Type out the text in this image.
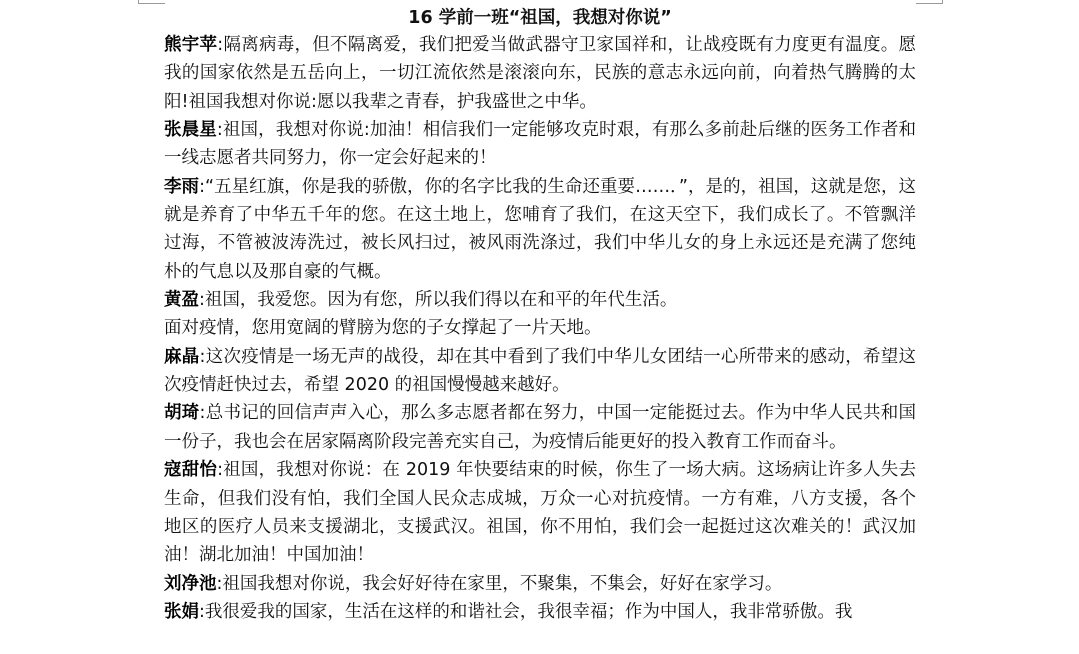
16 学前一班“祖国，我想对你说”

熊宇苹:隔离病毒，但不隔离爱，我们把爱当做武器守卫家国祥和，让战疫既有力度更有温度。愿我的国家依然是五岳向上，一切江流依然是滚滚向东，民族的意志永远向前，向着热气腾腾的太阳!祖国我想对你说:愿以我辈之青春，护我盛世之中华。

张晨星:祖国，我想对你说:加油！相信我们一定能够攻克时艰，有那么多前赴后继的医务工作者和一线志愿者共同努力，你一定会好起来的！

李雨:“五星红旗，你是我的骄傲，你的名字比我的生命还重要……．”，是的，祖国，这就是您，这就是养育了中华五千年的您。在这土地上，您哺育了我们，在这天空下，我们成长了。不管飘洋过海，不管被波涛洗过，被长风扫过，被风雨洗涤过，我们中华儿女的身上永远还是充满了您纯朴的气息以及那自豪的气概。

黄盈:祖国，我爱您。因为有您，所以我们得以在和平的年代生活。

面对疫情，您用宽阔的臂膀为您的子女撑起了一片天地。

麻晶:这次疫情是一场无声的战役，却在其中看到了我们中华儿女团结一心所带来的感动，希望这次疫情赶快过去，希望 2020 的祖国慢慢越来越好。

胡琦:总书记的回信声声入心，那么多志愿者都在努力，中国一定能挺过去。作为中华人民共和国一份子，我也会在居家隔离阶段完善充实自己，为疫情后能更好的投入教育工作而奋斗。

寇甜怡:祖国，我想对你说：在 2019 年快要结束的时候，你生了一场大病。这场病让许多人失去生命，但我们没有怕，我们全国人民众志成城，万众一心对抗疫情。一方有难，八方支援，各个地区的医疗人员来支援湖北，支援武汉。祖国，你不用怕，我们会一起挺过这次难关的！武汉加油！湖北加油！中国加油！

刘净池:祖国我想对你说，我会好好待在家里，不聚集，不集会，好好在家学习。

张娟:我很爱我的国家，生活在这样的和谐社会，我很幸福；作为中国人，我非常骄傲。我
